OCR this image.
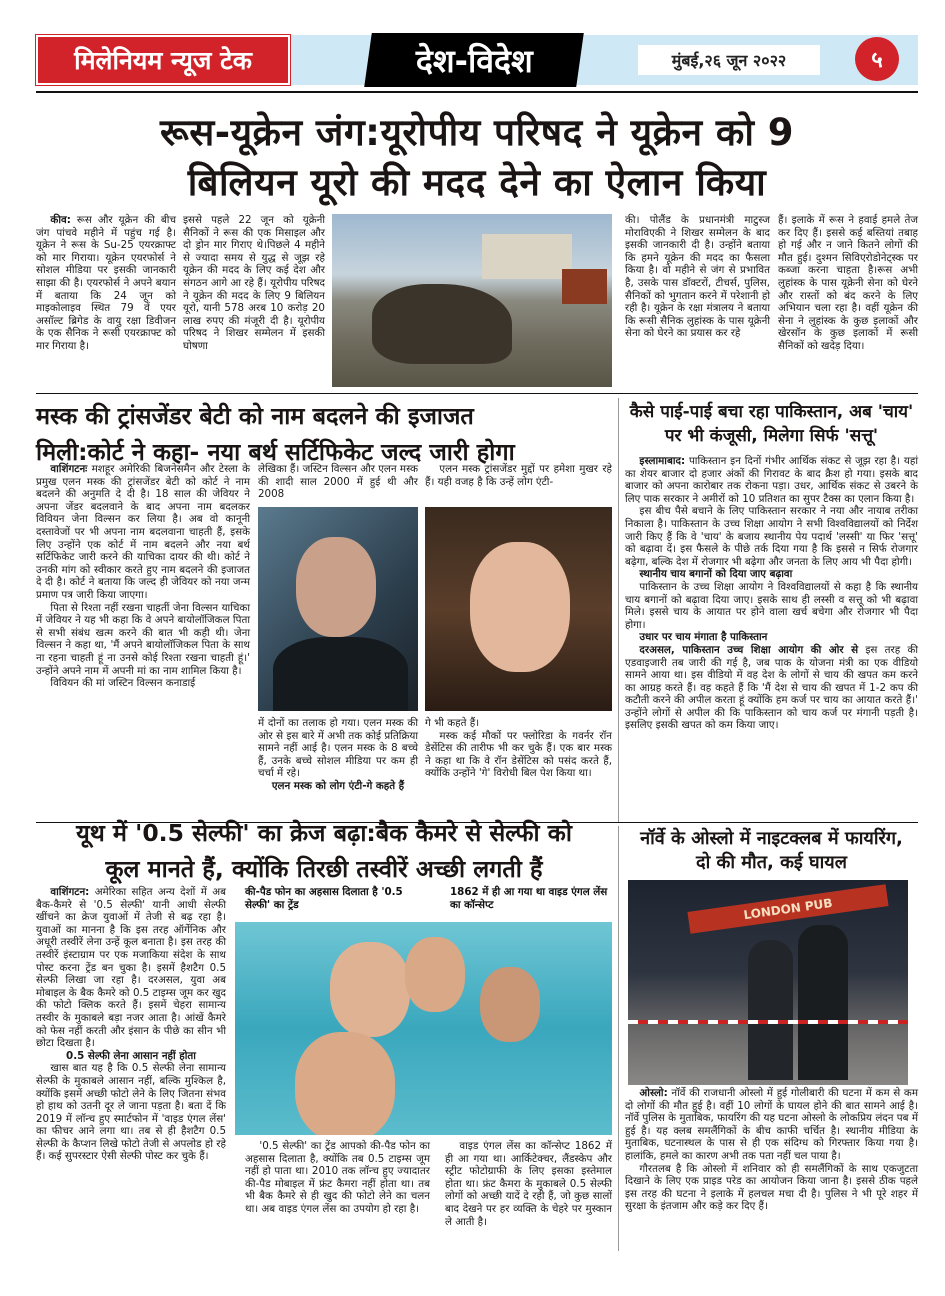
मिलेनियम न्यूज टेक	देश-विदेश	मुंबई,२६ जून २०२२	५
रूस-यूक्रेन जंग:यूरोपीय परिषद ने यूक्रेन को 9
बिलियन यूरो की मदद देने का ऐलान किया

कीव: रूस और यूक्रेन की बीच जंग पांचवे महीने में पहुंच गई है। यूक्रेन ने रूस के Su-25 एयरक्राफ्ट को मार गिराया। यूक्रेन एयरफोर्स ने सोशल मीडिया पर इसकी जानकारी साझा की है। एयरफोर्स ने अपने बयान में बताया कि 24 जून को माइकोलाइव स्थित 79 वें एयर असॉल्ट ब्रिगेड के वायु रक्षा डिवीजन के एक सैनिक ने रूसी एयरक्राफ्ट को मार गिराया है।

इससे पहले 22 जून को यूक्रेनी सैनिकों ने रूस की एक मिसाइल और दो ड्रोन मार गिराए थे।पिछले 4 महीने से ज्यादा समय से युद्ध से जूझ रहे यूक्रेन की मदद के लिए कई देश और संगठन आगे आ रहे हैं। यूरोपीय परिषद ने यूक्रेन की मदद के लिए 9 बिलियन यूरो, यानी 578 अरब 10 करोड़ 20 लाख रुपए की मंजूरी दी है। यूरोपीय परिषद ने शिखर सम्मेलन में इसकी घोषणा
की। पोलैंड के प्रधानमंत्री माटुस्ज मोराविएकी ने शिखर सम्मेलन के बाद इसकी जानकारी दी है। उन्होंने बताया कि हमने यूक्रेन की मदद का फैसला किया है। वो महीने से जंग से प्रभावित है, उसके पास डॉक्टरों, टीचर्स, पुलिस, सैनिकों को भुगतान करने में परेशानी हो रही है। यूक्रेन के रक्षा मंत्रालय ने बताया कि रूसी सैनिक लुहांस्क के पास यूक्रेनी सेना को घेरने का प्रयास कर रहे
हैं। इलाके में रूस ने हवाई हमले तेज कर दिए हैं। इससे कई बस्तियां तबाह हो गई और न जाने कितने लोगों की मौत हुई। दुश्मन सिविएरोडोनेट्स्क पर कब्जा करना चाहता है।रूस अभी लुहांस्क के पास यूक्रेनी सेना को घेरने और रास्तों को बंद करने के लिए अभियान चला रहा है। वहीं यूक्रेन की सेना ने लुहांस्क के कुछ इलाकों और खेरसॉन के कुछ इलाकों में रूसी सैनिकों को खदेड़ दिया।
मस्क की ट्रांसजेंडर बेटी को नाम बदलने की इजाजत
मिली:कोर्ट ने कहा- नया बर्थ सर्टिफिकेट जल्द जारी होगा

वाशिंगटनः मशहूर अमेरिकी बिजनेसमैन और टेस्ला के प्रमुख एलन मस्क की ट्रांसजेंडर बेटी को कोर्ट ने नाम बदलने की अनुमति दे दी है। 18 साल की जेवियर ने अपना जेंडर बदलवाने के बाद अपना नाम बदलकर विवियन जेना विल्सन कर लिया है। अब वो कानूनी दस्तावेजों पर भी अपना नाम बदलवाना चाहती हैं, इसके लिए उन्होंने एक कोर्ट में नाम बदलने और नया बर्थ सर्टिफिकेट जारी करने की याचिका दायर की थी। कोर्ट ने उनकी मांग को स्वीकार करते हुए नाम बदलने की इजाजत दे दी है। कोर्ट ने बताया कि जल्द ही जेवियर को नया जन्म प्रमाण पत्र जारी किया जाएगा।

पिता से रिश्ता नहीं रखना चाहतीं जेना विल्सन याचिका में जेवियर ने यह भी कहा कि वे अपने बायोलॉजिकल पिता से सभी संबंध खत्म करने की बात भी कही थी। जेना विल्सन ने कहा था, 'मैं अपने बायोलॉजिकल पिता के साथ ना रहना चाहती हूं ना उनसे कोई रिश्ता रखना चाहती हूं।' उन्होंने अपने नाम में अपनी मां का नाम शामिल किया है।

विवियन की मां जस्टिन विल्सन कनाडाई

लेखिका हैं। जस्टिन विल्सन और एलन मस्क की शादी साल 2000 में हुई थी और 2008
में दोनों का तलाक हो गया। एलन मस्क की ओर से इस बारे में अभी तक कोई प्रतिक्रिया सामने नहीं आई है। एलन मस्क के 8 बच्चे हैं, उनके बच्चे सोशल मीडिया पर कम ही चर्चा में रहे।
एलन मस्क को लोग एंटी-गे कहते हैं

एलन मस्क ट्रांसजेंडर मुद्दों पर हमेशा मुखर रहे हैं। यही वजह है कि उन्हें लोग एंटी-

गे भी कहते हैं।

मस्क कई मौकों पर फ्लोरिडा के गवर्नर रॉन डेसेंटिस की तारीफ भी कर चुके हैं। एक बार मस्क ने कहा था कि वे रॉन डेसेंटिस को पसंद करते हैं, क्योंकि उन्होंने 'गे' विरोधी बिल पेश किया था।

कैसे पाई-पाई बचा रहा पाकिस्तान, अब 'चाय'
पर भी कंजूसी, मिलेगा सिर्फ 'सत्तू'

इस्लामाबाद: पाकिस्तान इन दिनों गंभीर आर्थिक संकट से जूझ रहा है। यहां का शेयर बाजार दो हजार अंकों की गिरावट के बाद क्रैश हो गया। इसके बाद बाजार को अपना कारोबार तक रोकना पड़ा। उधर, आर्थिक संकट से उबरने के लिए पाक सरकार ने अमीरों को 10 प्रतिशत का सुपर टैक्स का एलान किया है।

इस बीच पैसे बचाने के लिए पाकिस्तान सरकार ने नया और नायाब तरीका निकाला है। पाकिस्तान के उच्च शिक्षा आयोग ने सभी विश्वविद्यालयों को निर्देश जारी किए हैं कि वे 'चाय' के बजाय स्थानीय पेय पदार्थ 'लस्सी' या फिर 'सत्तू' को बढ़ावा दें। इस फैसले के पीछे तर्क दिया गया है कि इससे न सिर्फ रोजगार बढ़ेगा, बल्कि देश में रोजगार भी बढ़ेगा और जनता के लिए आय भी पैदा होगी।

स्थानीय चाय बगानों को दिया जाए बढ़ावा

पाकिस्तान के उच्च शिक्षा आयोग ने विश्वविद्यालयों से कहा है कि स्थानीय चाय बगानों को बढ़ावा दिया जाए। इसके साथ ही लस्सी व सत्तू को भी बढ़ावा मिले। इससे चाय के आयात पर होने वाला खर्च बचेगा और रोजगार भी पैदा होगा।

उधार पर चाय मंगाता है पाकिस्तान

दरअसल, पाकिस्तान उच्च शिक्षा आयोग की ओर से इस तरह की एडवाइजारी तब जारी की गई है, जब पाक के योजना मंत्री का एक वीडियो सामने आया था। इस वीडियो में वह देश के लोगों से चाय की खपत कम करने का आग्रह करते हैं। वह कहते हैं कि 'मैं देश से चाय की खपत में 1-2 कप की कटौती करने की अपील करता हूं क्योंकि हम कर्ज पर चाय का आयात करते हैं।' उन्होंने लोगों से अपील की कि पाकिस्तान को चाय कर्ज पर मंगानी पड़ती है। इसलिए इसकी खपत को कम किया जाए।

यूथ में '0.5 सेल्फी' का क्रेज बढ़ा:बैक कैमरे से सेल्फी को
कूल मानते हैं, क्योंकि तिरछी तस्वीरें अच्छी लगती हैं

वाशिंगटन: अमेरिका सहित अन्य देशों में अब बैक-कैमरे से '0.5 सेल्फी' यानी आधी सेल्फी खींचने का क्रेज युवाओं में तेजी से बढ़ रहा है। युवाओं का मानना है कि इस तरह ऑर्गेनिक और अधूरी तस्वीरें लेना उन्हें कूल बनाता है। इस तरह की तस्वीरें इंस्टाग्राम पर एक मजाकिया संदेश के साथ पोस्ट करना ट्रेंड बन चुका है। इसमें हैशटैग 0.5 सेल्फी लिखा जा रहा है। दरअसल, युवा अब मोबाइल के बैक कैमरे को 0.5 टाइम्स जूम कर खुद की फोटो क्लिक करते हैं। इसमें चेहरा सामान्य तस्वीर के मुकाबले बड़ा नजर आता है। आंखें कैमरे को फेस नहीं करती और इंसान के पीछे का सीन भी छोटा दिखता है।

0.5 सेल्फी लेना आसान नहीं होता

खास बात यह है कि 0.5 सेल्फी लेना सामान्य सेल्फी के मुकाबले आसान नहीं, बल्कि मुश्किल है, क्योंकि इसमें अच्छी फोटो लेने के लिए जितना संभव हो हाथ को उतनी दूर ले जाना पड़ता है। बता दें कि 2019 में लॉन्च हुए स्मार्टफोन में 'वाइड एंगल लेंस' का फीचर आने लगा था। तब से ही हैशटैग 0.5 सेल्फी के कैप्शन लिखे फोटो तेजी से अपलोड हो रहे हैं। कई सुपरस्टार ऐसी सेल्फी पोस्ट कर चुके हैं।

की-पैड फोन का अहसास दिलाता है '0.5 सेल्फी' का ट्रेंड
1862 में ही आ गया था वाइड एंगल लेंस का कॉन्सेप्ट

'0.5 सेल्फी' का ट्रेंड आपको की-पैड फोन का अहसास दिलाता है, क्योंकि तब 0.5 टाइम्स जूम नहीं हो पाता था। 2010 तक लॉन्च हुए ज्यादातर की-पैड मोबाइल में फ्रंट कैमरा नहीं होता था। तब भी बैक कैमरे से ही खुद की फोटो लेने का चलन था। अब वाइड एंगल लेंस का उपयोग हो रहा है।

वाइड एंगल लेंस का कॉन्सेप्ट 1862 में ही आ गया था। आर्किटेक्चर, लैंडस्केप और स्ट्रीट फोटोग्राफी के लिए इसका इस्तेमाल होता था। फ्रंट कैमरा के मुकाबले 0.5 सेल्फी लोगों को अच्छी यादें दे रही हैं, जो कुछ सालों बाद देखने पर हर व्यक्ति के चेहरे पर मुस्कान ले आती है।

नॉर्वे के ओस्लो में नाइटक्लब में फायरिंग,
दो की मौत, कई घायल
LONDON PUB

ओस्लो: नॉर्वे की राजधानी ओस्लो में हुई गोलीबारी की घटना में कम से कम दो लोगों की मौत हुई है। वहीं 10 लोगों के घायल होने की बात सामने आई है। नॉर्वे पुलिस के मुताबिक, फायरिंग की यह घटना ओस्लो के लोकप्रिय लंदन पब में हुई है। यह क्लब समलैंगिकों के बीच काफी चर्चित है। स्थानीय मीडिया के मुताबिक, घटनास्थल के पास से ही एक संदिग्ध को गिरफ्तार किया गया है। हालांकि, हमले का कारण अभी तक पता नहीं चल पाया है।

गौरतलब है कि ओस्लो में शनिवार को ही समलैंगिकों के साथ एकजुटता दिखाने के लिए एक प्राइड परेड का आयोजन किया जाना है। इससे ठीक पहले इस तरह की घटना ने इलाके में हलचल मचा दी है। पुलिस ने भी पूरे शहर में सुरक्षा के इंतजाम और कड़े कर दिए हैं।
